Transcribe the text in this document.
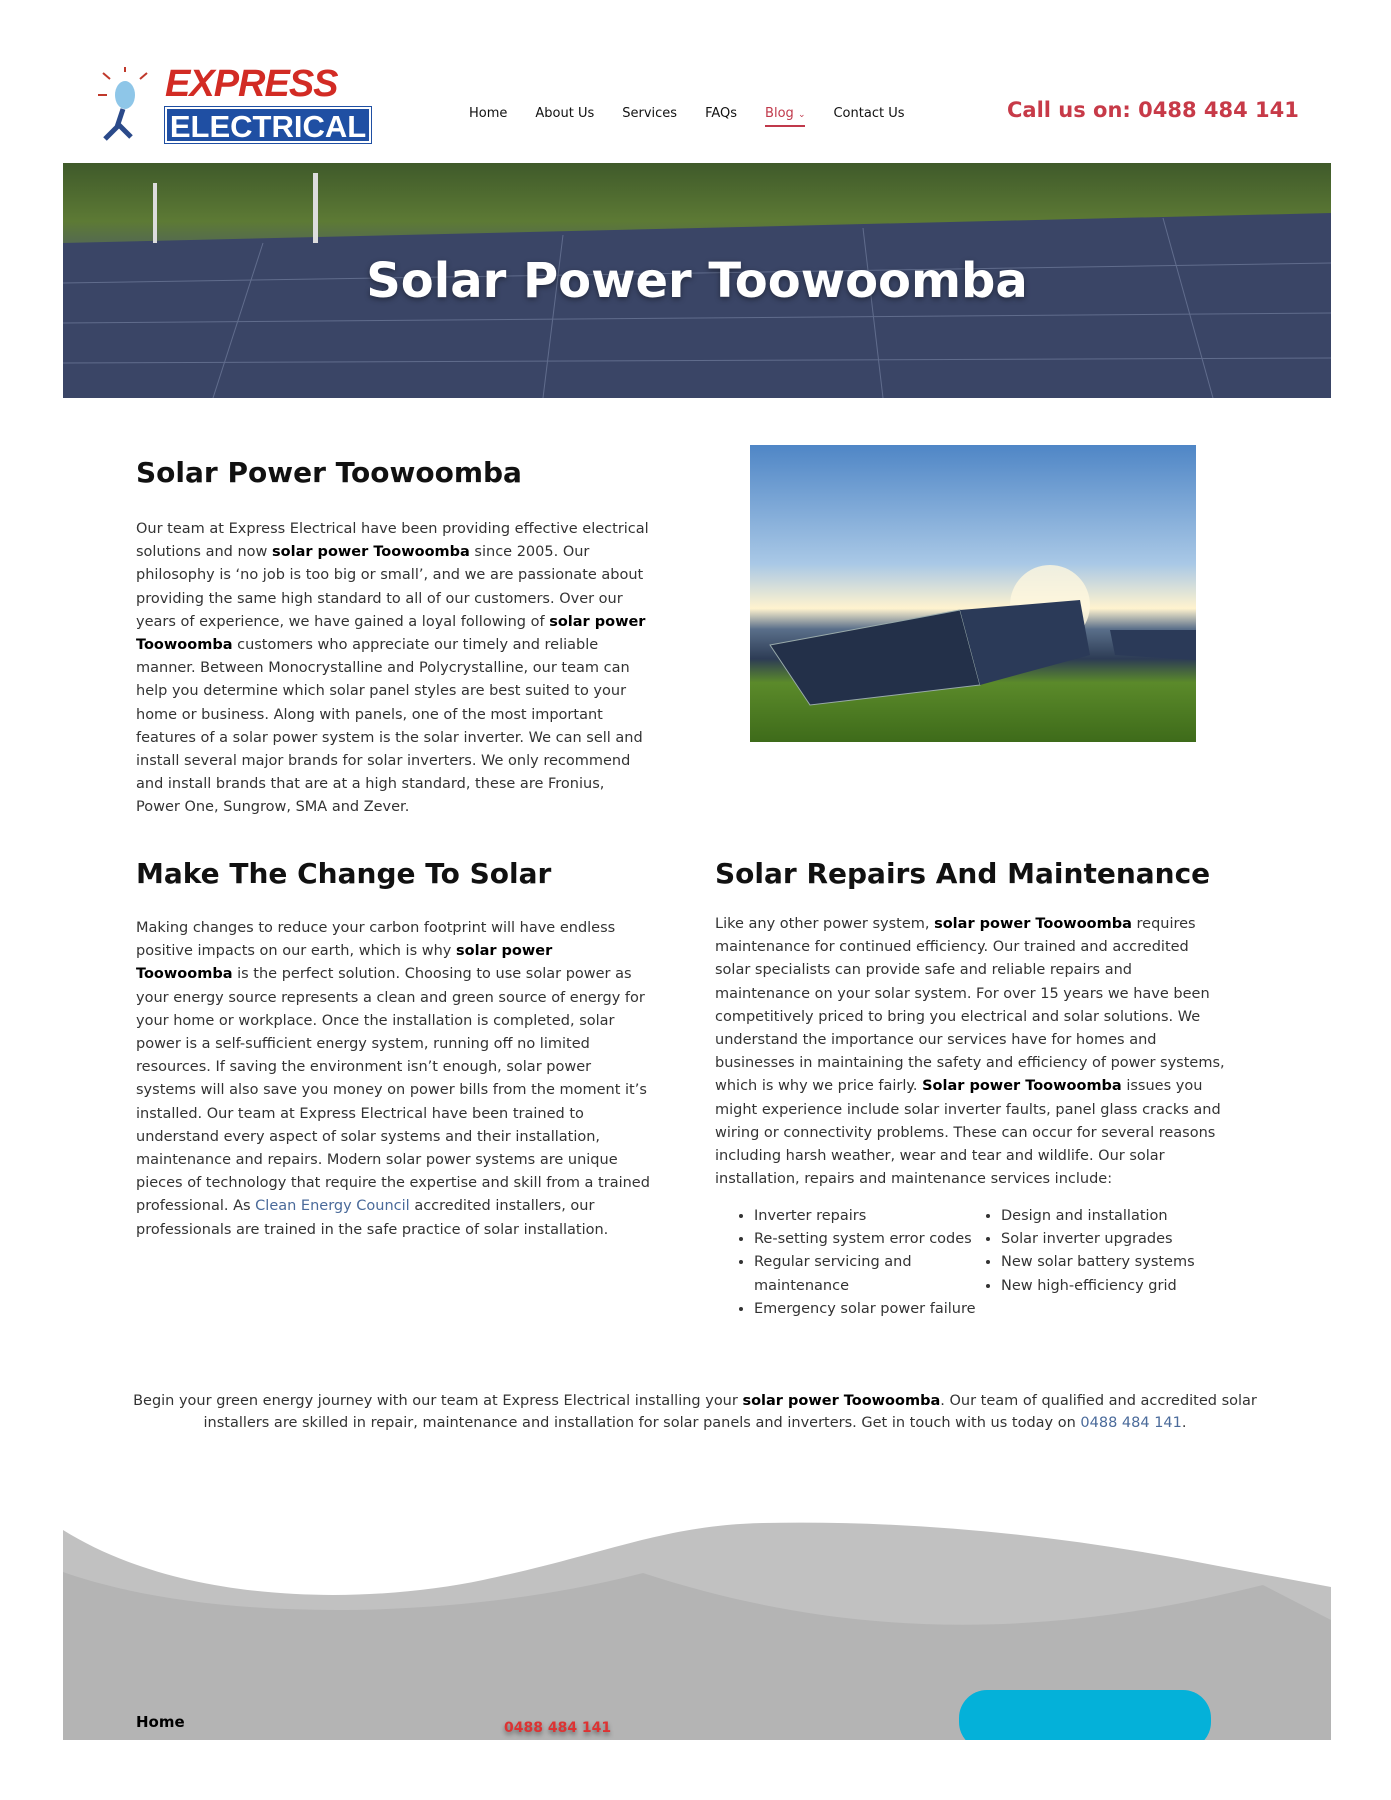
EXPRESS
ELECTRICAL	Home About Us Services FAQs Blog ⌄ Contact Us	Call us on: 0488 484 141
Solar Power Toowoomba
Solar Power Toowoomba
Our team at Express Electrical have been providing effective electrical solutions and now solar power Toowoomba since 2005. Our philosophy is ‘no job is too big or small’, and we are passionate about providing the same high standard to all of our customers. Over our years of experience, we have gained a loyal following of solar power Toowoomba customers who appreciate our timely and reliable manner. Between Monocrystalline and Polycrystalline, our team can help you determine which solar panel styles are best suited to your home or business. Along with panels, one of the most important features of a solar power system is the solar inverter. We can sell and install several major brands for solar inverters. We only recommend and install brands that are at a high standard, these are Fronius, Power One, Sungrow, SMA and Zever.
Make The Change To Solar
Making changes to reduce your carbon footprint will have endless positive impacts on our earth, which is why solar power Toowoomba is the perfect solution. Choosing to use solar power as your energy source represents a clean and green source of energy for your home or workplace. Once the installation is completed, solar power is a self-sufficient energy system, running off no limited resources. If saving the environment isn’t enough, solar power systems will also save you money on power bills from the moment it’s installed. Our team at Express Electrical have been trained to understand every aspect of solar systems and their installation, maintenance and repairs. Modern solar power systems are unique pieces of technology that require the expertise and skill from a trained professional. As Clean Energy Council accredited installers, our professionals are trained in the safe practice of solar installation.
Solar Repairs And Maintenance
Like any other power system, solar power Toowoomba requires maintenance for continued efficiency. Our trained and accredited solar specialists can provide safe and reliable repairs and maintenance on your solar system. For over 15 years we have been competitively priced to bring you electrical and solar solutions. We understand the importance our services have for homes and businesses in maintaining the safety and efficiency of power systems, which is why we price fairly. Solar power Toowoomba issues you might experience include solar inverter faults, panel glass cracks and wiring or connectivity problems. These can occur for several reasons including harsh weather, wear and tear and wildlife. Our solar installation, repairs and maintenance services include:
• Inverter repairs
• Re-setting system error codes
• Regular servicing and maintenance
• Emergency solar power failure
• Design and installation
• Solar inverter upgrades
• New solar battery systems
• New high-efficiency grid
Begin your green energy journey with our team at Express Electrical installing your solar power Toowoomba. Our team of qualified and accredited solar installers are skilled in repair, maintenance and installation for solar panels and inverters. Get in touch with us today on 0488 484 141.
Home	0488 484 141
